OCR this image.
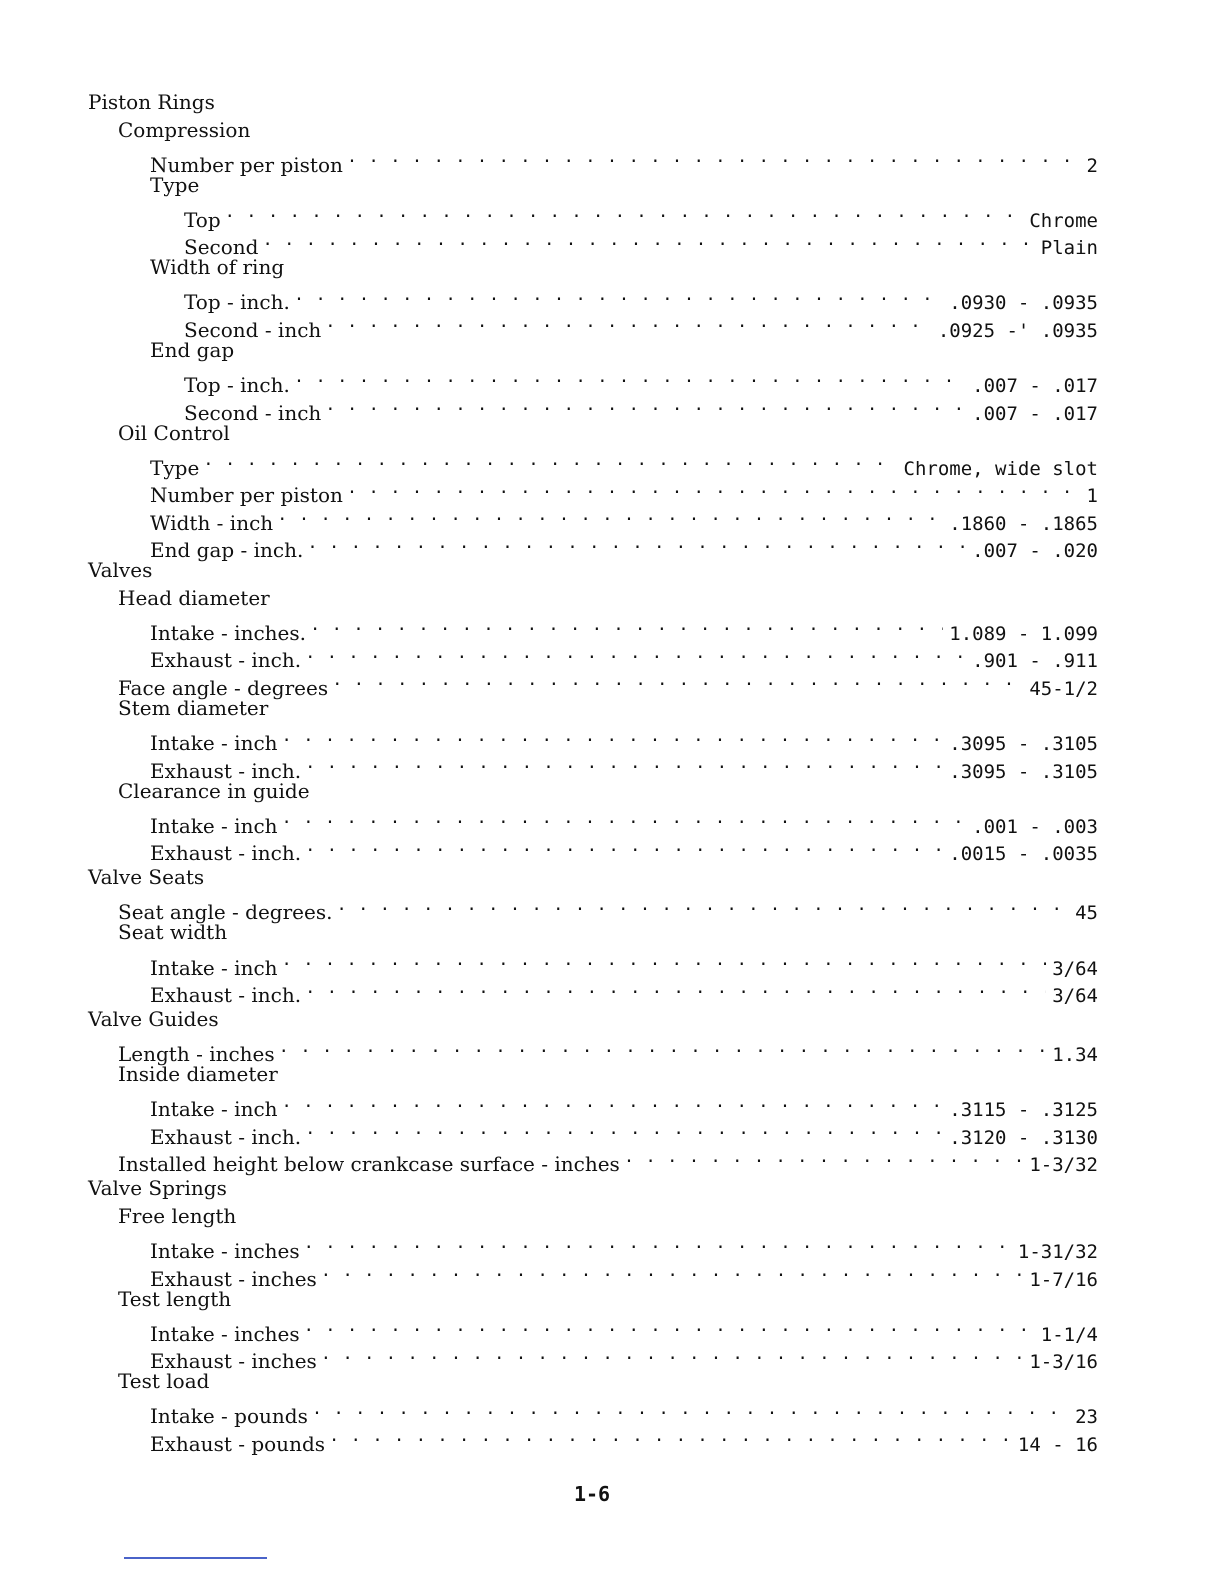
Piston Rings
Compression
Number per piston . . .	2
Type
Top . . .	Chrome
Second . . .	Plain
Width of ring
Top - inch. . . .	.0930 - .0935
Second - inch . . .	.0925 -' .0935
End gap
Top - inch. . . .	.007 - .017
Second - inch . . .	.007 - .017
Oil Control
Type . . .	Chrome, wide slot
Number per piston . . .	1
Width - inch . . .	.1860 - .1865
End gap - inch. . . .	.007 - .020
Valves
Head diameter
Intake - inches. . . .	1.089 - 1.099
Exhaust - inch. . . .	.901 - .911
Face angle - degrees . . .	45-1/2
Stem diameter
Intake - inch . . .	.3095 - .3105
Exhaust - inch. . . .	.3095 - .3105
Clearance in guide
Intake - inch . . .	.001 - .003
Exhaust - inch. . . .	.0015 - .0035
Valve Seats
Seat angle - degrees. . . .	45
Seat width
Intake - inch . . .	3/64
Exhaust - inch. . . .	3/64
Valve Guides
Length - inches . . .	1.34
Inside diameter
Intake - inch . . .	.3115 - .3125
Exhaust - inch. . . .	.3120 - .3130
Installed height below crankcase surface - inches . . .	1-3/32
Valve Springs
Free length
Intake - inches . . .	1-31/32
Exhaust - inches . . .	1-7/16
Test length
Intake - inches . . .	1-1/4
Exhaust - inches . . .	1-3/16
Test load
Intake - pounds . . .	23
Exhaust - pounds . . .	14 - 16
1-6
